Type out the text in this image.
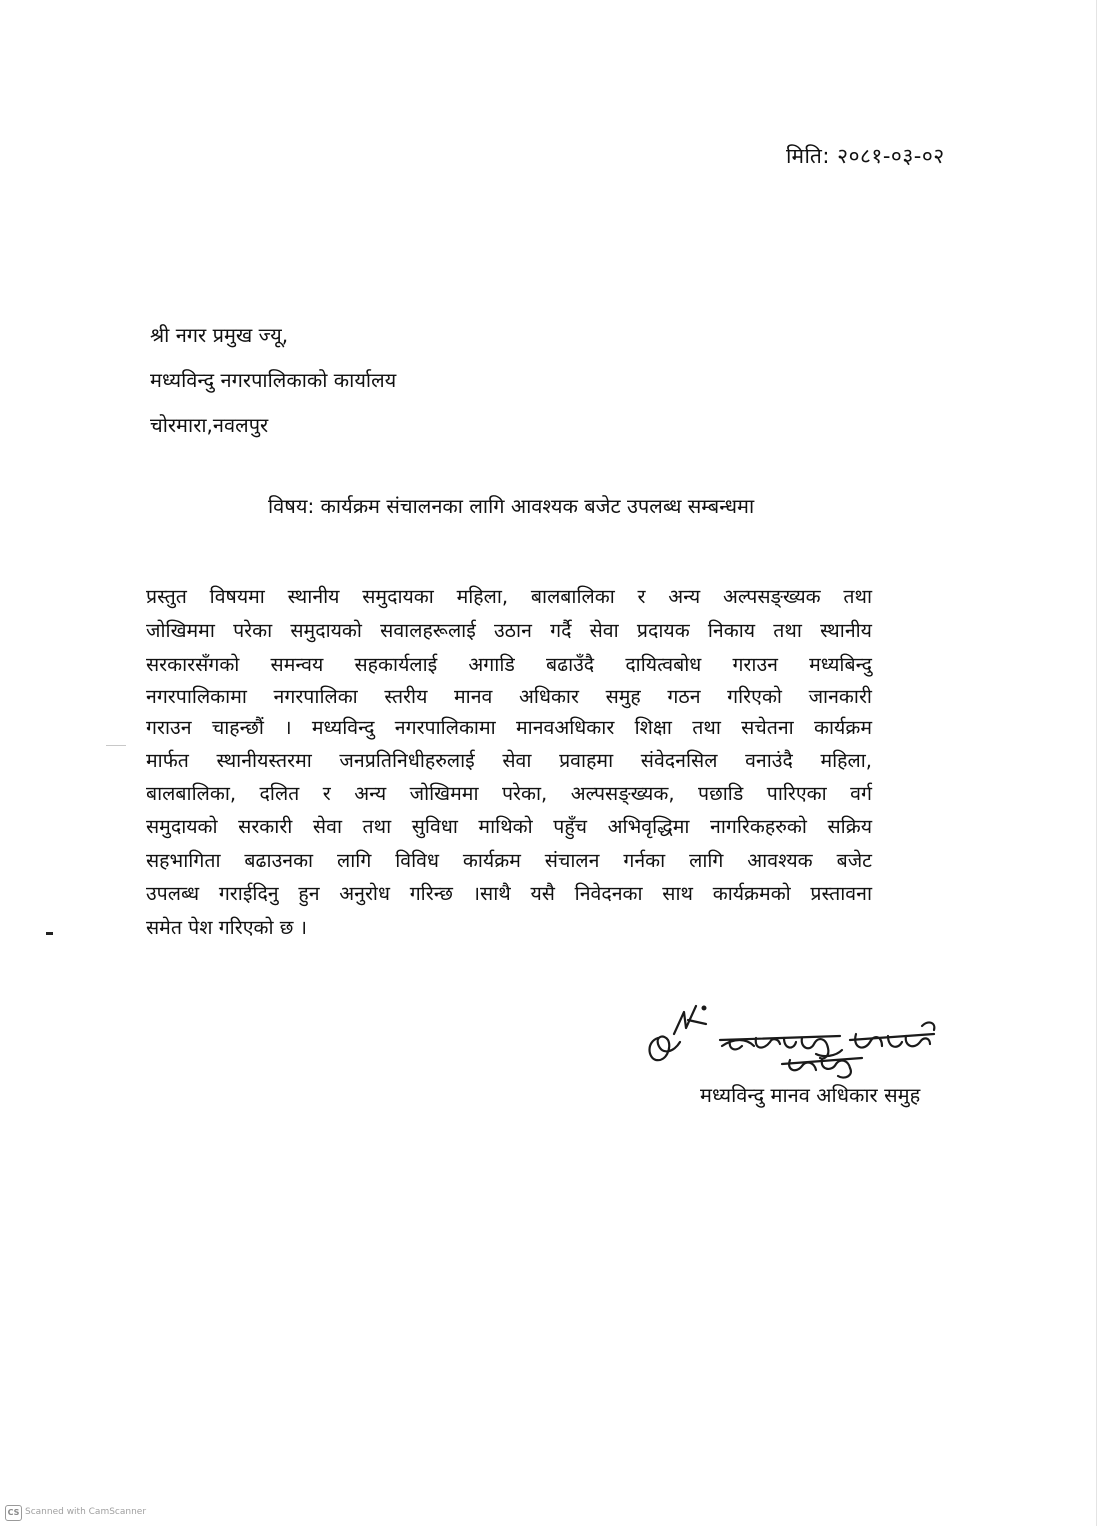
मिति: २०८१-०३-०२
श्री नगर प्रमुख ज्यू,
मध्यविन्दु नगरपालिकाको कार्यालय
चोरमारा,नवलपुर
विषय: कार्यक्रम संचालनका लागि आवश्यक बजेट उपलब्ध सम्बन्धमा
प्रस्तुत विषयमा स्थानीय समुदायका महिला, बालबालिका र अन्य अल्पसङ्ख्यक तथा
जोखिममा परेका समुदायको सवालहरूलाई उठान गर्दै सेवा प्रदायक निकाय तथा स्थानीय
सरकारसँगको समन्वय सहकार्यलाई अगाडि बढाउँदै दायित्वबोध गराउन मध्यबिन्दु
नगरपालिकामा नगरपालिका स्तरीय मानव अधिकार समुह गठन गरिएको जानकारी
गराउन चाहन्छौं । मध्यविन्दु नगरपालिकामा मानवअधिकार शिक्षा तथा सचेतना कार्यक्रम
मार्फत स्थानीयस्तरमा जनप्रतिनिधीहरुलाई सेवा प्रवाहमा संवेदनसिल वनाउंदै महिला,
बालबालिका, दलित र अन्य जोखिममा परेका, अल्पसङ्ख्यक, पछाडि पारिएका वर्ग
समुदायको सरकारी सेवा तथा सुविधा माथिको पहुँच अभिवृद्धिमा नागरिकहरुको सक्रिय
सहभागिता बढाउनका लागि विविध कार्यक्रम संचालन गर्नका लागि आवश्यक बजेट
उपलब्ध गराईदिनु हुन अनुरोध गरिन्छ ।साथै यसै निवेदनका साथ कार्यक्रमको प्रस्तावना
समेत पेश गरिएको छ ।
मध्यविन्दु मानव अधिकार समुह
CS Scanned with CamScanner
